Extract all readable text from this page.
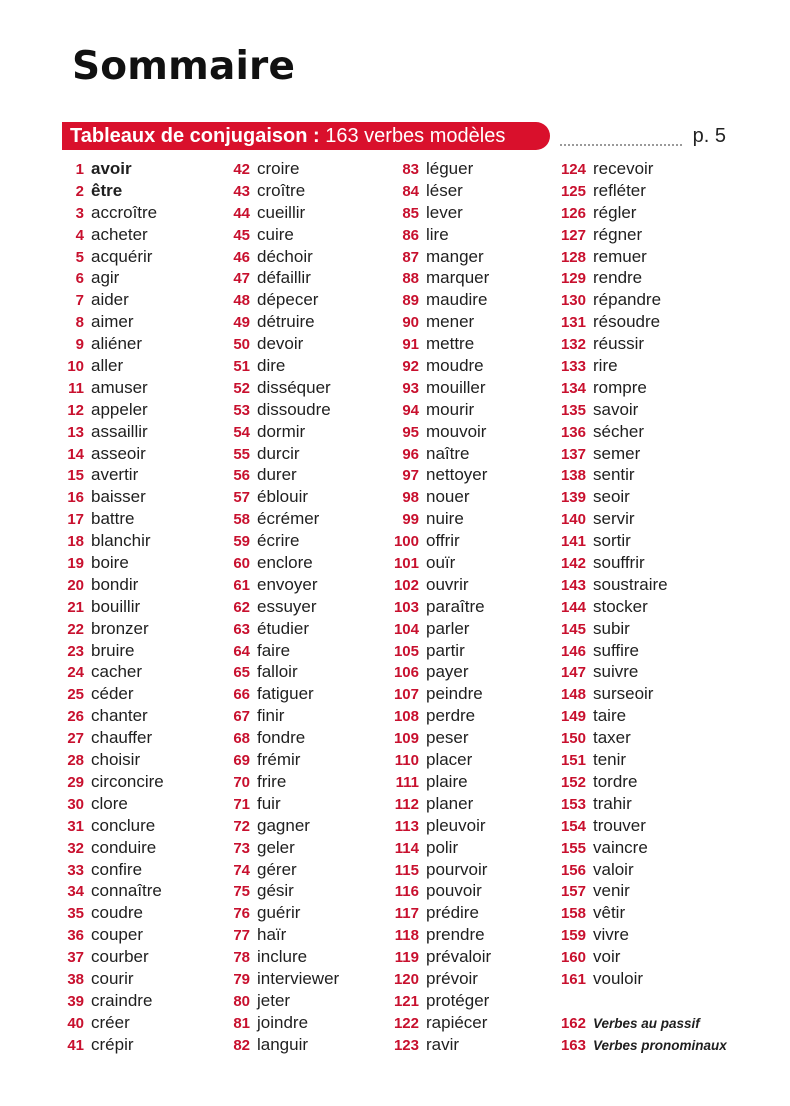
Sommaire
Tableaux de conjugaison : 163 verbes modèles	p. 5
1 avoir
2 être
3 accroître
4 acheter
5 acquérir
6 agir
7 aider
8 aimer
9 aliéner
10 aller
11 amuser
12 appeler
13 assaillir
14 asseoir
15 avertir
16 baisser
17 battre
18 blanchir
19 boire
20 bondir
21 bouillir
22 bronzer
23 bruire
24 cacher
25 céder
26 chanter
27 chauffer
28 choisir
29 circoncire
30 clore
31 conclure
32 conduire
33 confire
34 connaître
35 coudre
36 couper
37 courber
38 courir
39 craindre
40 créer
41 crépir
42 croire
43 croître
44 cueillir
45 cuire
46 déchoir
47 défaillir
48 dépecer
49 détruire
50 devoir
51 dire
52 disséquer
53 dissoudre
54 dormir
55 durcir
56 durer
57 éblouir
58 écrémer
59 écrire
60 enclore
61 envoyer
62 essuyer
63 étudier
64 faire
65 falloir
66 fatiguer
67 finir
68 fondre
69 frémir
70 frire
71 fuir
72 gagner
73 geler
74 gérer
75 gésir
76 guérir
77 haïr
78 inclure
79 interviewer
80 jeter
81 joindre
82 languir
83 léguer
84 léser
85 lever
86 lire
87 manger
88 marquer
89 maudire
90 mener
91 mettre
92 moudre
93 mouiller
94 mourir
95 mouvoir
96 naître
97 nettoyer
98 nouer
99 nuire
100 offrir
101 ouïr
102 ouvrir
103 paraître
104 parler
105 partir
106 payer
107 peindre
108 perdre
109 peser
110 placer
111 plaire
112 planer
113 pleuvoir
114 polir
115 pourvoir
116 pouvoir
117 prédire
118 prendre
119 prévaloir
120 prévoir
121 protéger
122 rapiécer
123 ravir
124 recevoir
125 refléter
126 régler
127 régner
128 remuer
129 rendre
130 répandre
131 résoudre
132 réussir
133 rire
134 rompre
135 savoir
136 sécher
137 semer
138 sentir
139 seoir
140 servir
141 sortir
142 souffrir
143 soustraire
144 stocker
145 subir
146 suffire
147 suivre
148 surseoir
149 taire
150 taxer
151 tenir
152 tordre
153 trahir
154 trouver
155 vaincre
156 valoir
157 venir
158 vêtir
159 vivre
160 voir
161 vouloir
162 Verbes au passif
163 Verbes pronominaux
